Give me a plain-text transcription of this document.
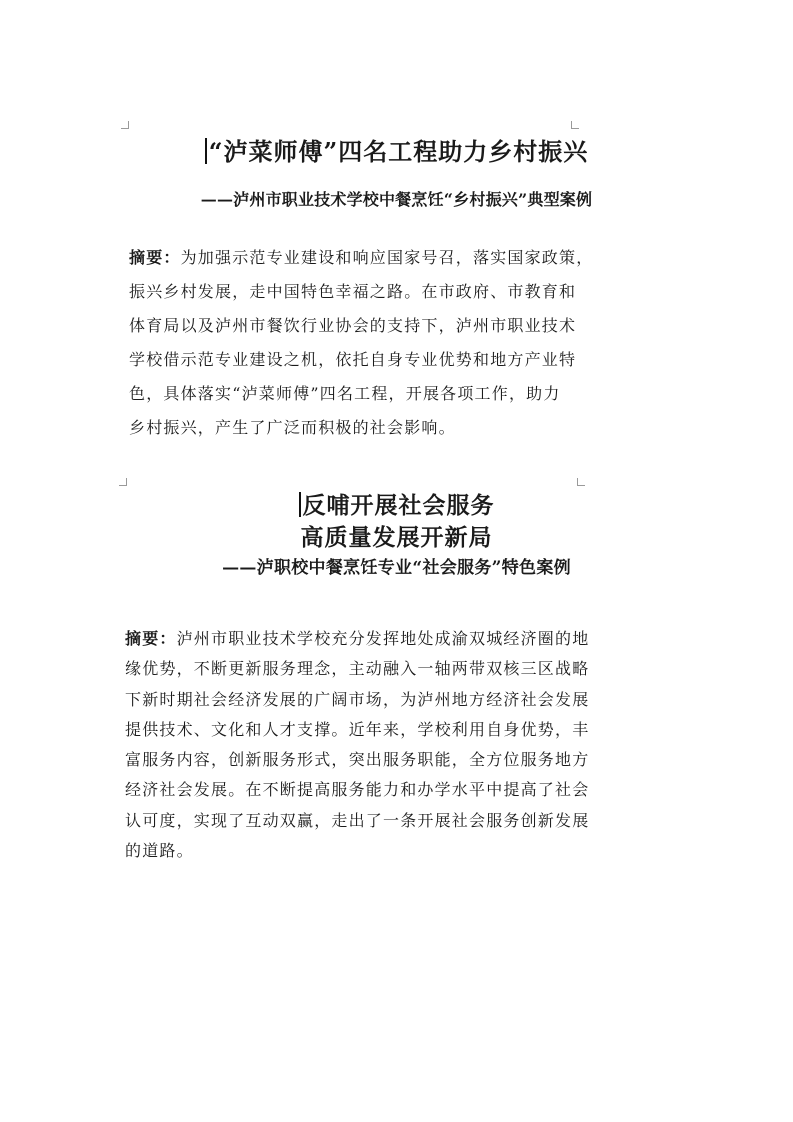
“泸菜师傅”四名工程助力乡村振兴
——泸州市职业技术学校中餐烹饪“乡村振兴”典型案例
摘要：为加强示范专业建设和响应国家号召，落实国家政策，
振兴乡村发展，走中国特色幸福之路。在市政府、市教育和
体育局以及泸州市餐饮行业协会的支持下，泸州市职业技术
学校借示范专业建设之机，依托自身专业优势和地方产业特
色，具体落实“泸菜师傅”四名工程，开展各项工作，助力
乡村振兴，产生了广泛而积极的社会影响。
反哺开展社会服务
高质量发展开新局
——泸职校中餐烹饪专业“社会服务”特色案例
摘要：泸州市职业技术学校充分发挥地处成渝双城经济圈的地
缘优势，不断更新服务理念，主动融入一轴两带双核三区战略
下新时期社会经济发展的广阔市场，为泸州地方经济社会发展
提供技术、文化和人才支撑。近年来，学校利用自身优势，丰
富服务内容，创新服务形式，突出服务职能，全方位服务地方
经济社会发展。在不断提高服务能力和办学水平中提高了社会
认可度，实现了互动双赢，走出了一条开展社会服务创新发展
的道路。
